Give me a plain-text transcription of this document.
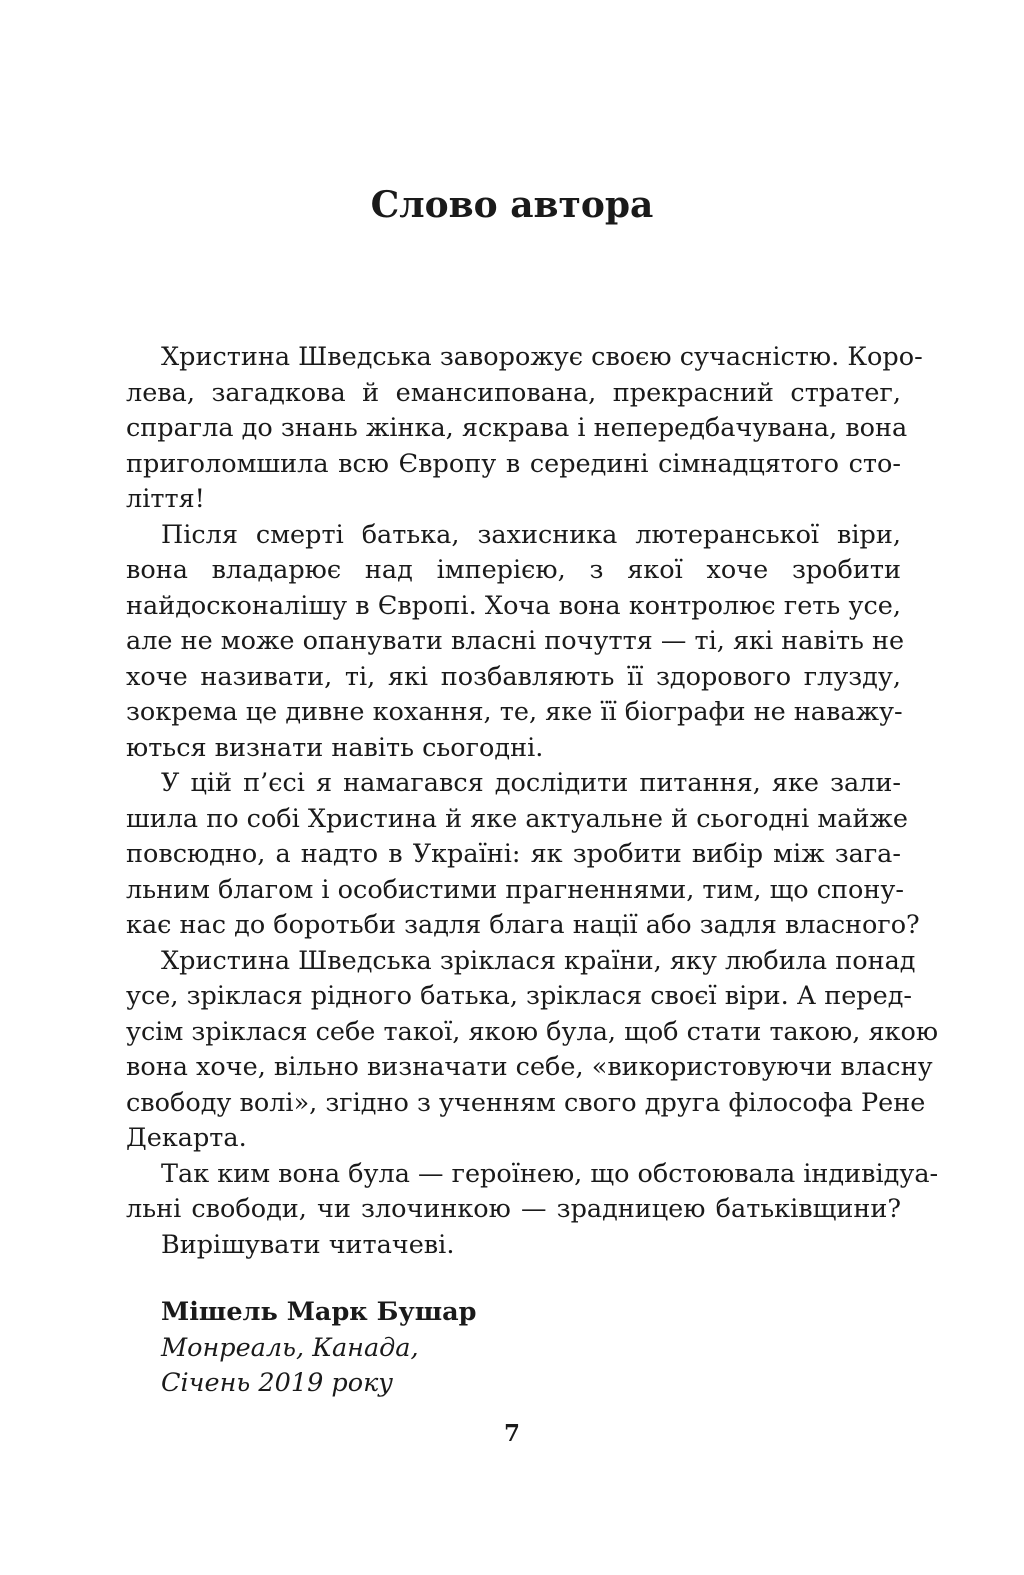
Слово автора
Христина Шведська заворожує своєю сучасністю. Коро-
лева, загадкова й емансипована, прекрасний стратег,
спрагла до знань жінка, яскрава і непередбачувана, вона
приголомшила всю Європу в середині сімнадцятого сто-
ліття!
Після смерті батька, захисника лютеранської віри,
вона владарює над імперією, з якої хоче зробити
найдосконалішу в Європі. Хоча вона контролює геть усе,
але не може опанувати власні почуття — ті, які навіть не
хоче називати, ті, які позбавляють її здорового глузду,
зокрема це дивне кохання, те, яке її біографи не наважу-
ються визнати навіть сьогодні.
У цій п’єсі я намагався дослідити питання, яке зали-
шила по собі Христина й яке актуальне й сьогодні майже
повсюдно, а надто в Україні: як зробити вибір між зага-
льним благом і особистими прагненнями, тим, що спону-
кає нас до боротьби задля блага нації або задля власного?
Христина Шведська зріклася країни, яку любила понад
усе, зріклася рідного батька, зріклася своєї віри. А перед-
усім зріклася себе такої, якою була, щоб стати такою, якою
вона хоче, вільно визначати себе, «використовуючи власну
свободу волі», згідно з ученням свого друга філософа Рене
Декарта.
Так ким вона була — героїнею, що обстоювала індивідуа-
льні свободи, чи злочинкою — зрадницею батьківщини?
Вирішувати читачеві.
Мішель Марк Бушар
Монреаль, Канада,
Січень 2019 року
7
